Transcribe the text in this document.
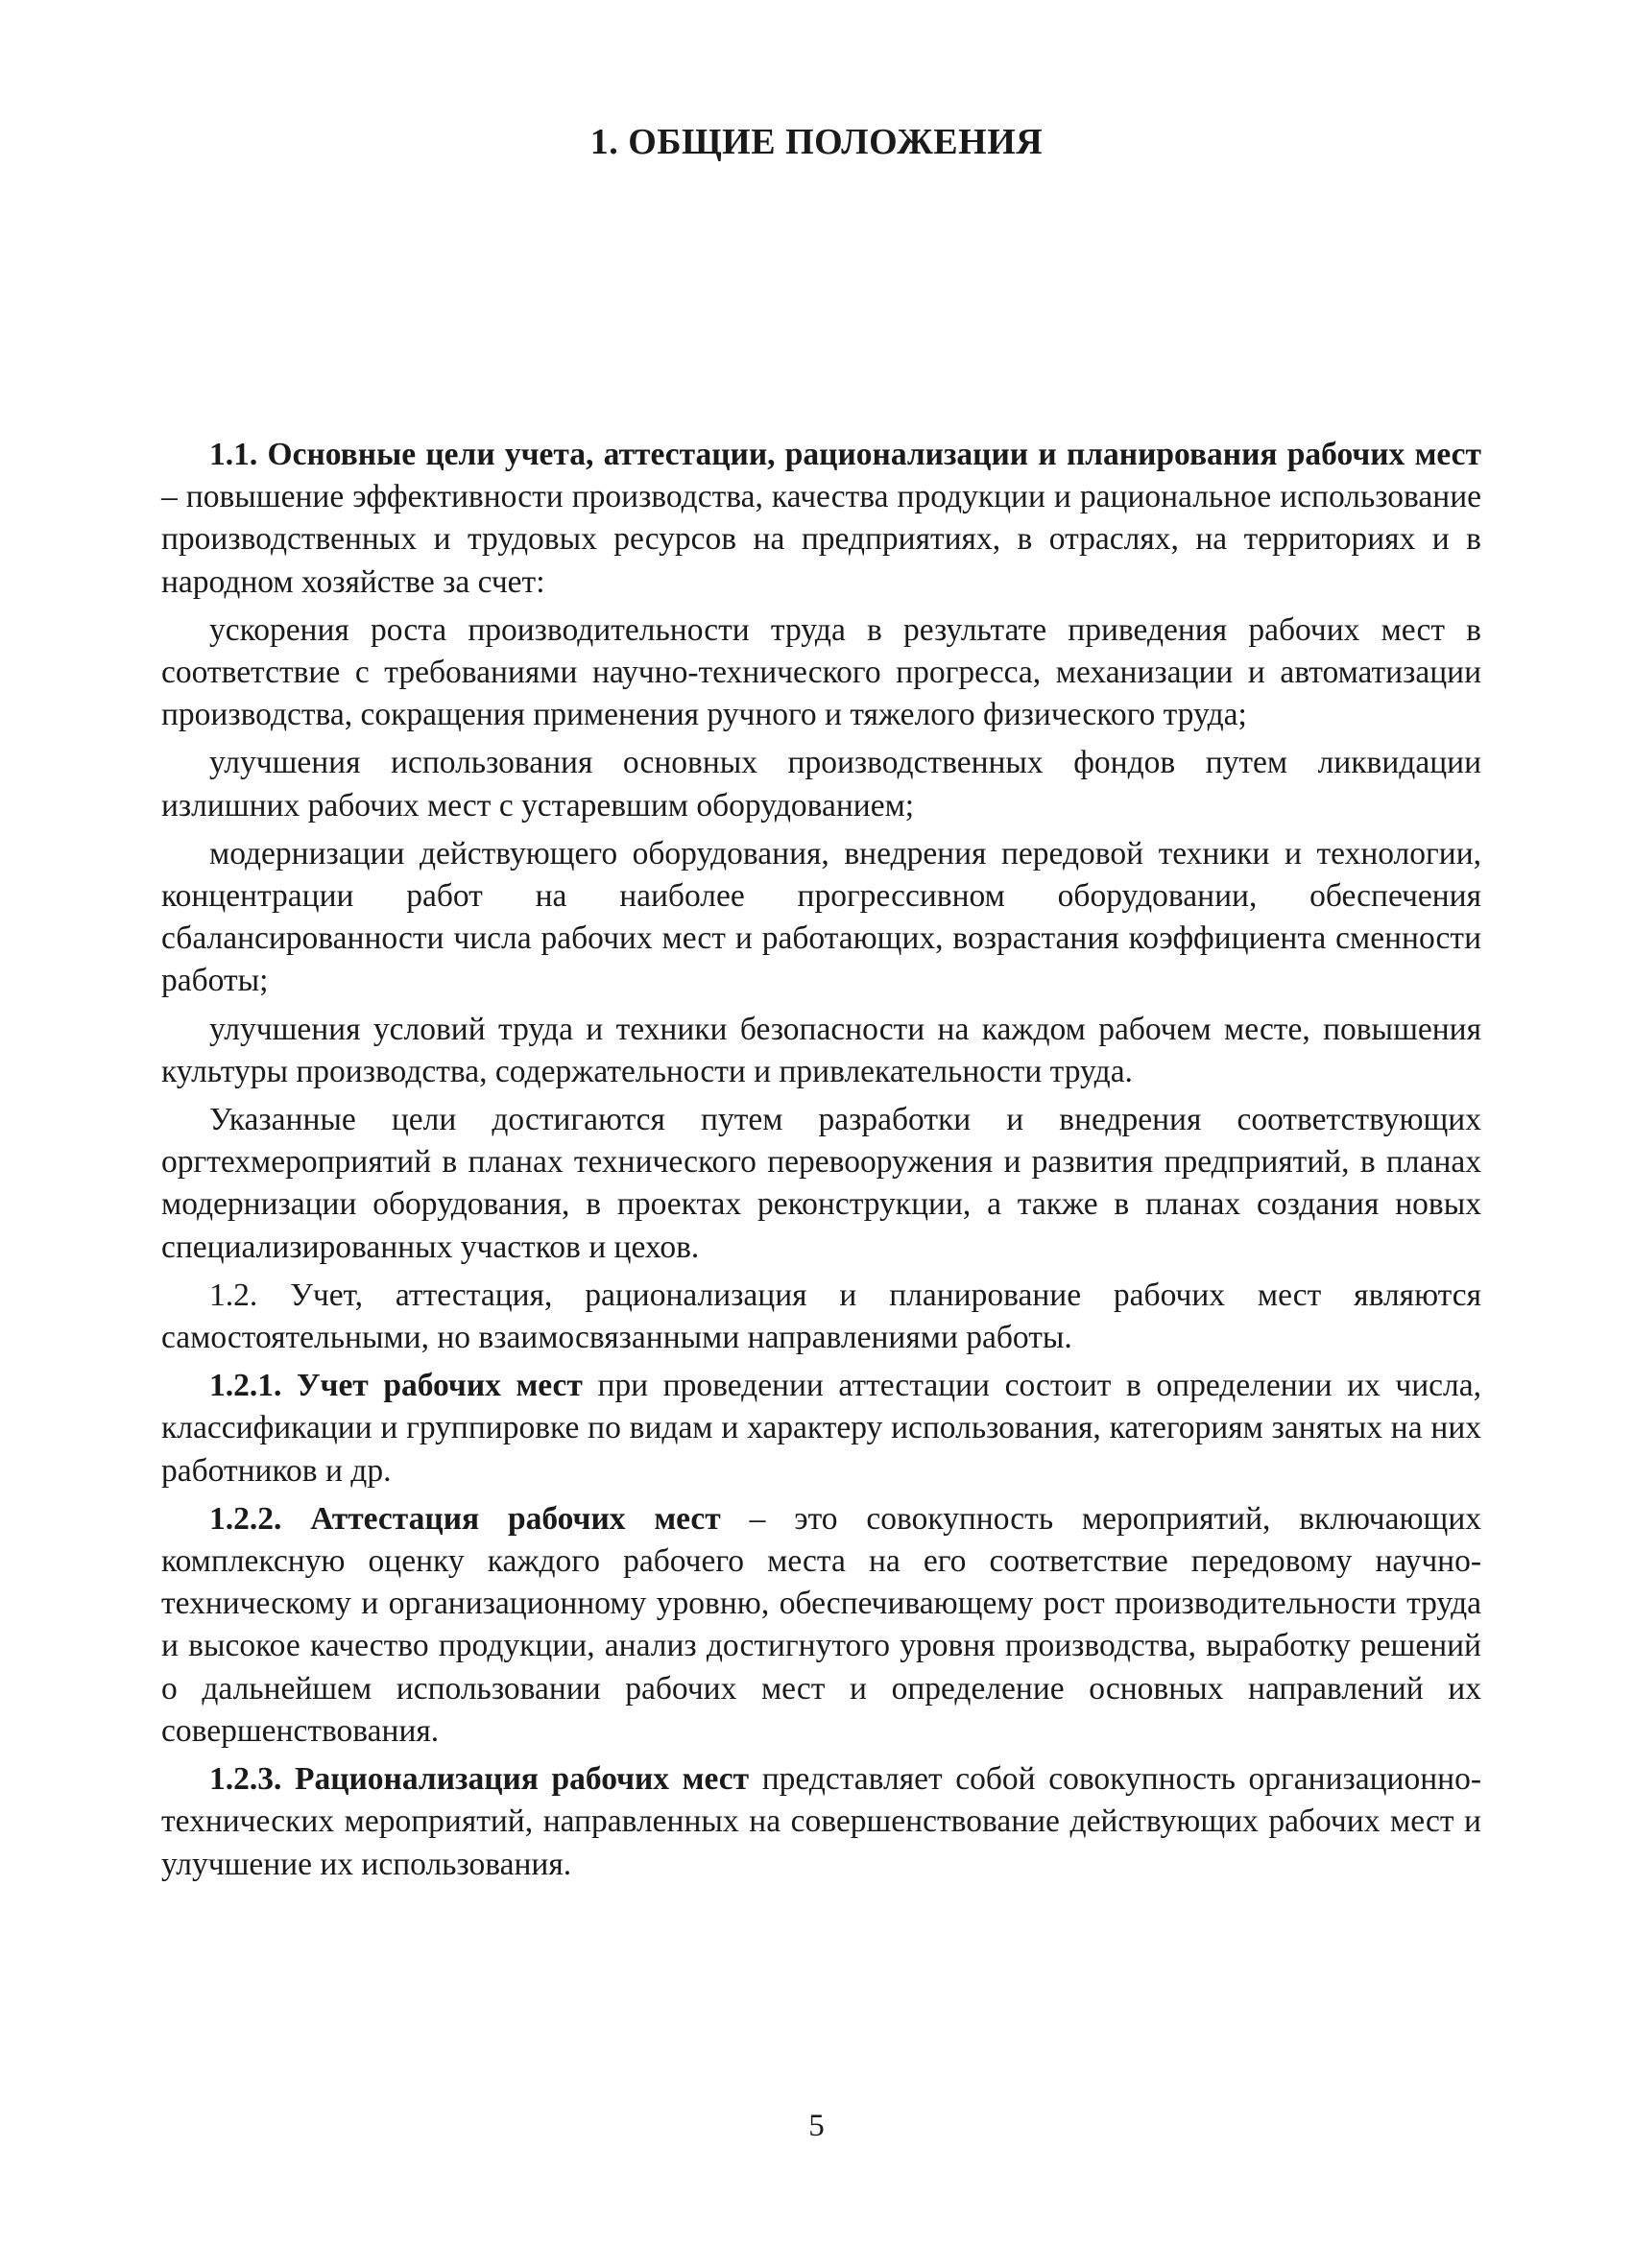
1. ОБЩИЕ ПОЛОЖЕНИЯ

1.1. Основные цели учета, аттестации, рационализации и планирования рабочих мест – повышение эффективности производства, качества продукции и рациональное использование производственных и трудовых ресурсов на предприятиях, в отраслях, на территориях и в народном хозяйстве за счет:

ускорения роста производительности труда в результате приведения рабочих мест в соответствие с требованиями научно-технического прогресса, механизации и автоматизации производства, сокращения применения ручного и тяжелого физического труда;

улучшения использования основных производственных фондов путем ликвидации излишних рабочих мест с устаревшим оборудованием;

модернизации действующего оборудования, внедрения передовой техники и технологии, концентрации работ на наиболее прогрессивном оборудовании, обеспечения сбалансированности числа рабочих мест и работающих, возрастания коэффициента сменности работы;

улучшения условий труда и техники безопасности на каждом рабочем месте, повышения культуры производства, содержательности и привлекательности труда.

Указанные цели достигаются путем разработки и внедрения соответствующих оргтехмероприятий в планах технического перевооружения и развития предприятий, в планах модернизации оборудования, в проектах реконструкции, а также в планах создания новых специализированных участков и цехов.

1.2. Учет, аттестация, рационализация и планирование рабочих мест являются самостоятельными, но взаимосвязанными направлениями работы.

1.2.1. Учет рабочих мест при проведении аттестации состоит в определении их числа, классификации и группировке по видам и характеру использования, категориям занятых на них работников и др.

1.2.2. Аттестация рабочих мест – это совокупность мероприятий, включающих комплексную оценку каждого рабочего места на его соответствие передовому научно-техническому и организационному уровню, обеспечивающему рост производительности труда и высокое качество продукции, анализ достигнутого уровня производства, выработку решений о дальнейшем использовании рабочих мест и определение основных направлений их совершенствования.

1.2.3. Рационализация рабочих мест представляет собой совокупность организационно-технических мероприятий, направленных на совершенствование действующих рабочих мест и улучшение их использования.

5
